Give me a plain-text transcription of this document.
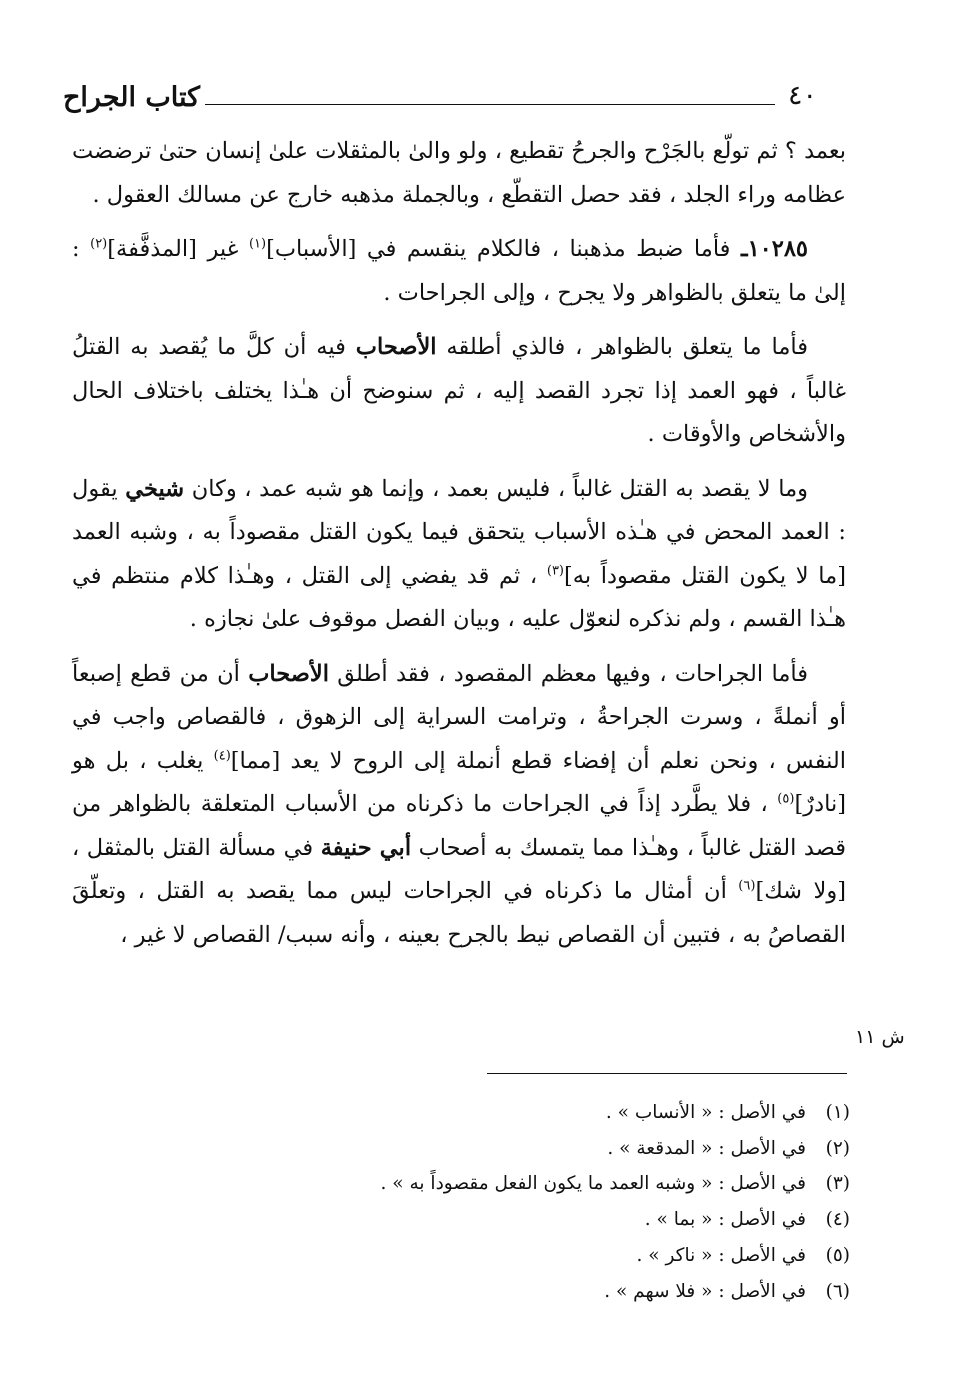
٤٠
كتاب الجراح

بعمد ؟ ثم تولّع بالجَرْح والجرحُ تقطيع ، ولو والىٰ بالمثقلات علىٰ إنسان حتىٰ ترضضت عظامه وراء الجلد ، فقد حصل التقطّع ، وبالجملة مذهبه خارج عن مسالك العقول .

١٠٢٨٥ـ فأما ضبط مذهبنا ، فالكلام ينقسم في [الأسباب]$^{(١)}$ غير [المذفَّفة]$^{(٢)}$ : إلىٰ ما يتعلق بالظواهر ولا يجرح ، وإلى الجراحات .

فأما ما يتعلق بالظواهر ، فالذي أطلقه الأصحاب فيه أن كلَّ ما يُقصد به القتلُ غالباً ، فهو العمد إذا تجرد القصد إليه ، ثم سنوضح أن هـٰذا يختلف باختلاف الحال والأشخاص والأوقات .

وما لا يقصد به القتل غالباً ، فليس بعمد ، وإنما هو شبه عمد ، وكان شيخي يقول : العمد المحض في هـٰذه الأسباب يتحقق فيما يكون القتل مقصوداً به ، وشبه العمد [ما لا يكون القتل مقصوداً به]$^{(٣)}$ ، ثم قد يفضي إلى القتل ، وهـٰذا كلام منتظم في هـٰذا القسم ، ولم نذكره لنعوّل عليه ، وبيان الفصل موقوف علىٰ نجازه .

فأما الجراحات ، وفيها معظم المقصود ، فقد أطلق الأصحاب أن من قطع إصبعاً أو أنملةً ، وسرت الجراحةُ ، وترامت السراية إلى الزهوق ، فالقصاص واجب في النفس ، ونحن نعلم أن إفضاء قطع أنملة إلى الروح لا يعد [مما]$^{(٤)}$ يغلب ، بل هو [نادرٌ]$^{(٥)}$ ، فلا يطَّرد إذاً في الجراحات ما ذكرناه من الأسباب المتعلقة بالظواهر من قصد القتل غالباً ، وهـٰذا مما يتمسك به أصحاب أبي حنيفة في مسألة القتل بالمثقل ، [ولا شك]$^{(٦)}$ أن أمثال ما ذكرناه في الجراحات ليس مما يقصد به القتل ، وتعلّقَ القصاصُ به ، فتبين أن القصاص نيط بالجرح بعينه ، وأنه سبب/ القصاص لا غير ،

ش ١١
(١)في الأصل : « الأنساب » .
(٢)في الأصل : « المدقعة » .
(٣)في الأصل : « وشبه العمد ما يكون الفعل مقصوداً به » .
(٤)في الأصل : « بما » .
(٥)في الأصل : « ناكر » .
(٦)في الأصل : « فلا سهم » .
